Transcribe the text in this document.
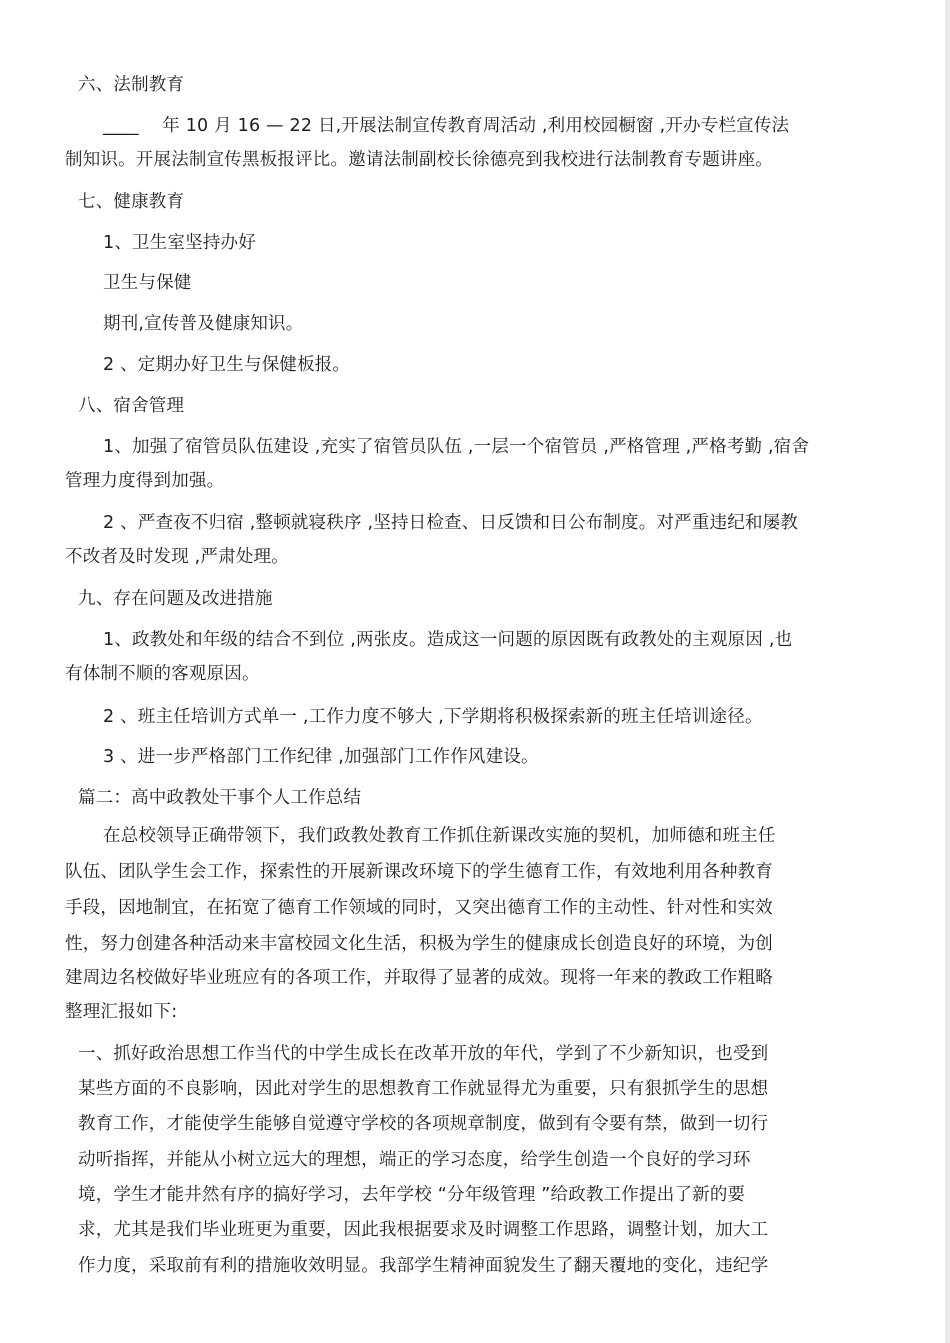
六、法制教育
____　 年 10 月 16 — 22 日,开展法制宣传教育周活动 ,利用校园橱窗 ,开办专栏宣传法
制知识。开展法制宣传黑板报评比。邀请法制副校长徐德亮到我校进行法制教育专题讲座。
七、健康教育
1、卫生室坚持办好
卫生与保健
期刊,宣传普及健康知识。
2 、定期办好卫生与保健板报。
八、宿舍管理
1、加强了宿管员队伍建设 ,充实了宿管员队伍 ,一层一个宿管员 ,严格管理 ,严格考勤 ,宿舍
管理力度得到加强。
2 、严查夜不归宿 ,整顿就寝秩序 ,坚持日检查、日反馈和日公布制度。对严重违纪和屡教
不改者及时发现 ,严肃处理。
九、存在问题及改进措施
1、政教处和年级的结合不到位 ,两张皮。造成这一问题的原因既有政教处的主观原因 ,也
有体制不顺的客观原因。
2 、班主任培训方式单一 ,工作力度不够大 ,下学期将积极探索新的班主任培训途径。
3 、进一步严格部门工作纪律 ,加强部门工作作风建设。
篇二：高中政教处干事个人工作总结
在总校领导正确带领下，我们政教处教育工作抓住新课改实施的契机，加师德和班主任
队伍、团队学生会工作，探索性的开展新课改环境下的学生德育工作，有效地利用各种教育
手段，因地制宜，在拓宽了德育工作领域的同时，又突出德育工作的主动性、针对性和实效
性，努力创建各种活动来丰富校园文化生活，积极为学生的健康成长创造良好的环境，为创
建周边名校做好毕业班应有的各项工作，并取得了显著的成效。现将一年来的教政工作粗略
整理汇报如下:
一、抓好政治思想工作当代的中学生成长在改革开放的年代，学到了不少新知识，也受到
某些方面的不良影响，因此对学生的思想教育工作就显得尤为重要，只有狠抓学生的思想
教育工作，才能使学生能够自觉遵守学校的各项规章制度，做到有令要有禁，做到一切行
动听指挥，并能从小树立远大的理想，端正的学习态度，给学生创造一个良好的学习环
境，学生才能井然有序的搞好学习，去年学校 “分年级管理 ”给政教工作提出了新的要
求，尤其是我们毕业班更为重要，因此我根据要求及时调整工作思路，调整计划，加大工
作力度，采取前有利的措施收效明显。我部学生精神面貌发生了翻天覆地的变化，违纪学
